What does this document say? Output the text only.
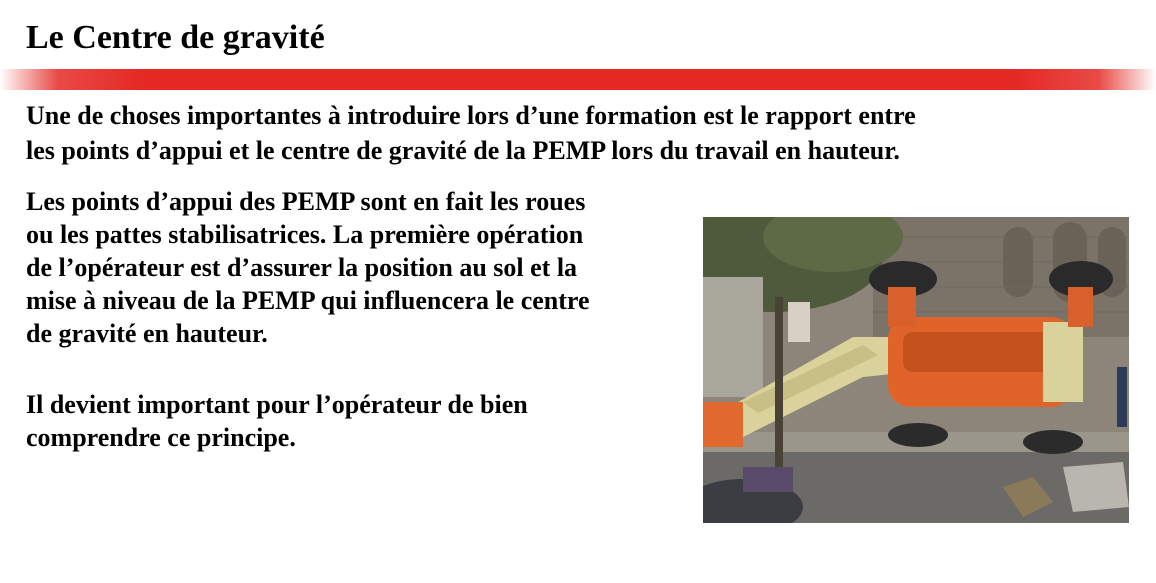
Le Centre de gravité

Une de choses importantes à introduire lors d’une formation est le rapport entre
les points d’appui et le centre de gravité de la PEMP lors du travail en hauteur.

Les points d’appui des PEMP sont en fait les roues
ou les pattes stabilisatrices. La première opération
de l’opérateur est d’assurer la position au sol et la
mise à niveau de la PEMP qui influencera le centre
de gravité en hauteur.

Il devient important pour l’opérateur de bien
comprendre ce principe.
